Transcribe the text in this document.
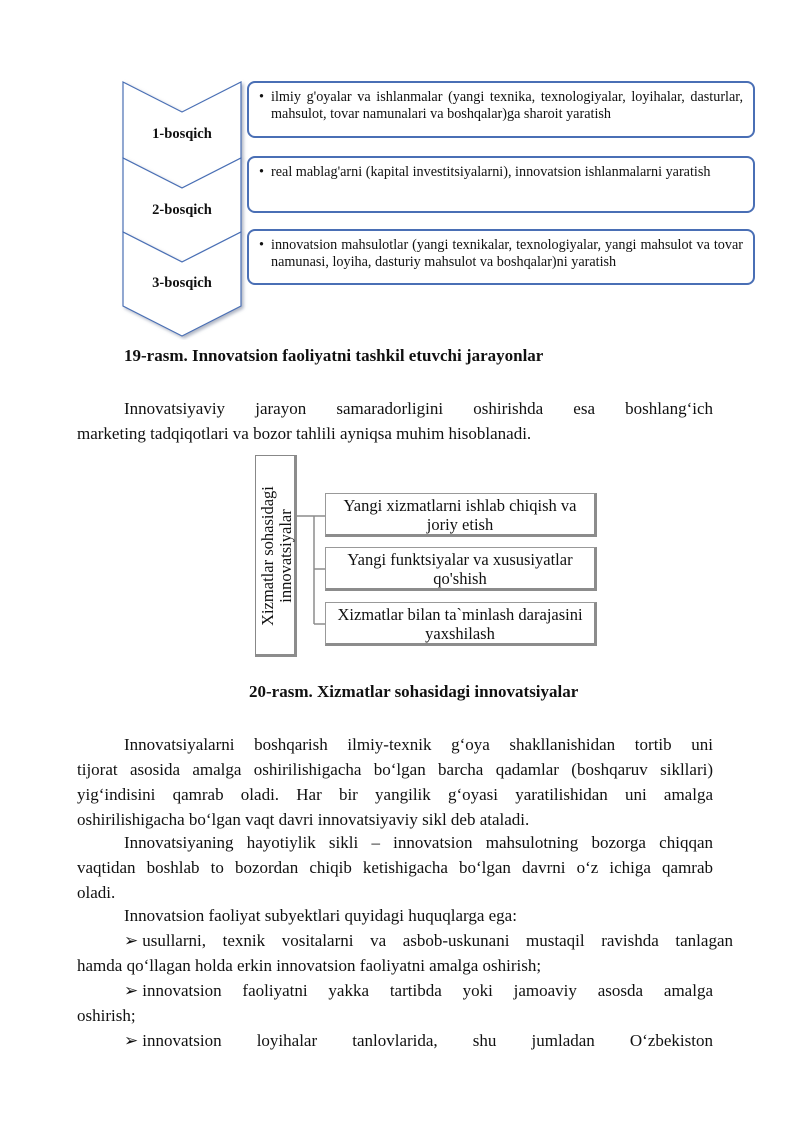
1-bosqich
2-bosqich
3-bosqich
• ilmiy g'oyalar va ishlanmalar (yangi texnika, texnologiyalar, loyihalar, dasturlar, mahsulot, tovar namunalari va boshqalar)ga sharoit yaratish
• real mablag'arni (kapital investitsiyalarni), innovatsion ishlanmalarni yaratish
• innovatsion mahsulotlar (yangi texnikalar, texnologiyalar, yangi mahsulot va tovar namunasi, loyiha, dasturiy mahsulot va boshqalar)ni yaratish
19-rasm. Innovatsion faoliyatni tashkil etuvchi jarayonlar

Innovatsiyaviy jarayon samaradorligini oshirishda esa boshlang‘ich

marketing tadqiqotlari va bozor tahlili ayniqsa muhim hisoblanadi.

Xizmatlar sohasidagi innovatsiyalar
Yangi xizmatlarni ishlab chiqish va joriy etish
Yangi funktsiyalar va xususiyatlar qo'shish
Xizmatlar bilan ta`minlash darajasini yaxshilash
20-rasm. Xizmatlar sohasidagi innovatsiyalar

Innovatsiyalarni boshqarish ilmiy-texnik g‘oya shakllanishidan tortib uni

tijorat asosida amalga oshirilishigacha bo‘lgan barcha qadamlar (boshqaruv sikllari)

yig‘indisini qamrab oladi. Har bir yangilik g‘oyasi yaratilishidan uni amalga

oshirilishigacha bo‘lgan vaqt davri innovatsiyaviy sikl deb ataladi.

Innovatsiyaning hayotiylik sikli – innovatsion mahsulotning bozorga chiqqan

vaqtidan boshlab to bozordan chiqib ketishigacha bo‘lgan davrni o‘z ichiga qamrab

oladi.

Innovatsion faoliyat subyektlari quyidagi huquqlarga ega:

➢ usullarni, texnik vositalarni va asbob-uskunani mustaqil ravishda tanlagan

hamda qo‘llagan holda erkin innovatsion faoliyatni amalga oshirish;

➢ innovatsion faoliyatni yakka tartibda yoki jamoaviy asosda amalga

oshirish;

➢ innovatsion loyihalar tanlovlarida, shu jumladan O‘zbekiston
